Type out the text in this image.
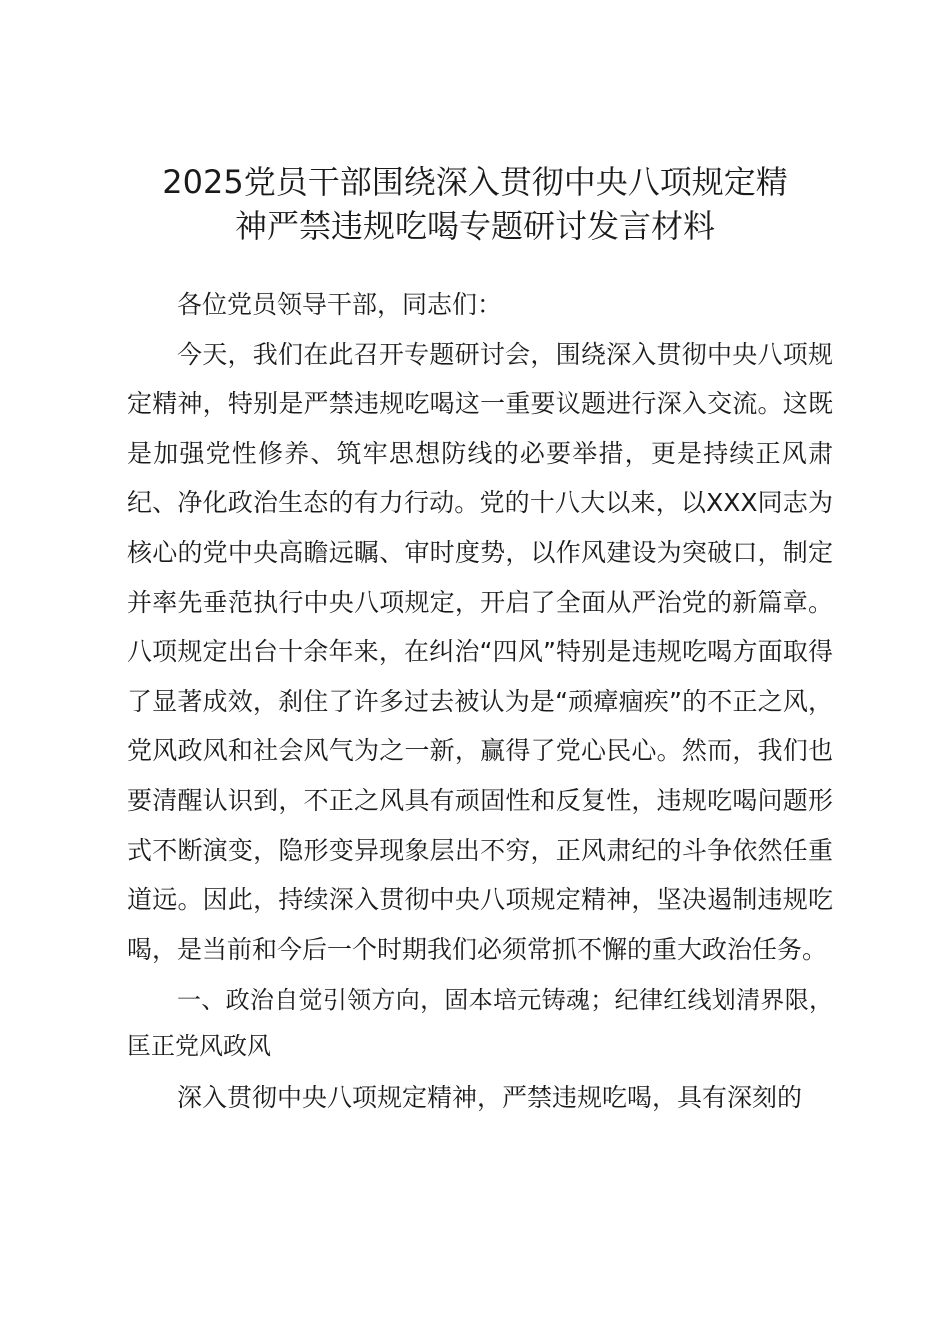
2025党员干部围绕深入贯彻中央八项规定精
神严禁违规吃喝专题研讨发言材料

各位党员领导干部，同志们：

今天，我们在此召开专题研讨会，围绕深入贯彻中央八项规定精神，特别是严禁违规吃喝这一重要议题进行深入交流。这既是加强党性修养、筑牢思想防线的必要举措，更是持续正风肃纪、净化政治生态的有力行动。党的十八大以来，以XXX同志为核心的党中央高瞻远瞩、审时度势，以作风建设为突破口，制定并率先垂范执行中央八项规定，开启了全面从严治党的新篇章。八项规定出台十余年来，在纠治“四风”特别是违规吃喝方面取得了显著成效，刹住了许多过去被认为是“顽瘴痼疾”的不正之风，党风政风和社会风气为之一新，赢得了党心民心。然而，我们也要清醒认识到，不正之风具有顽固性和反复性，违规吃喝问题形式不断演变，隐形变异现象层出不穷，正风肃纪的斗争依然任重道远。因此，持续深入贯彻中央八项规定精神，坚决遏制违规吃喝，是当前和今后一个时期我们必须常抓不懈的重大政治任务。

一、政治自觉引领方向，固本培元铸魂；纪律红线划清界限，匡正党风政风

深入贯彻中央八项规定精神，严禁违规吃喝，具有深刻的
